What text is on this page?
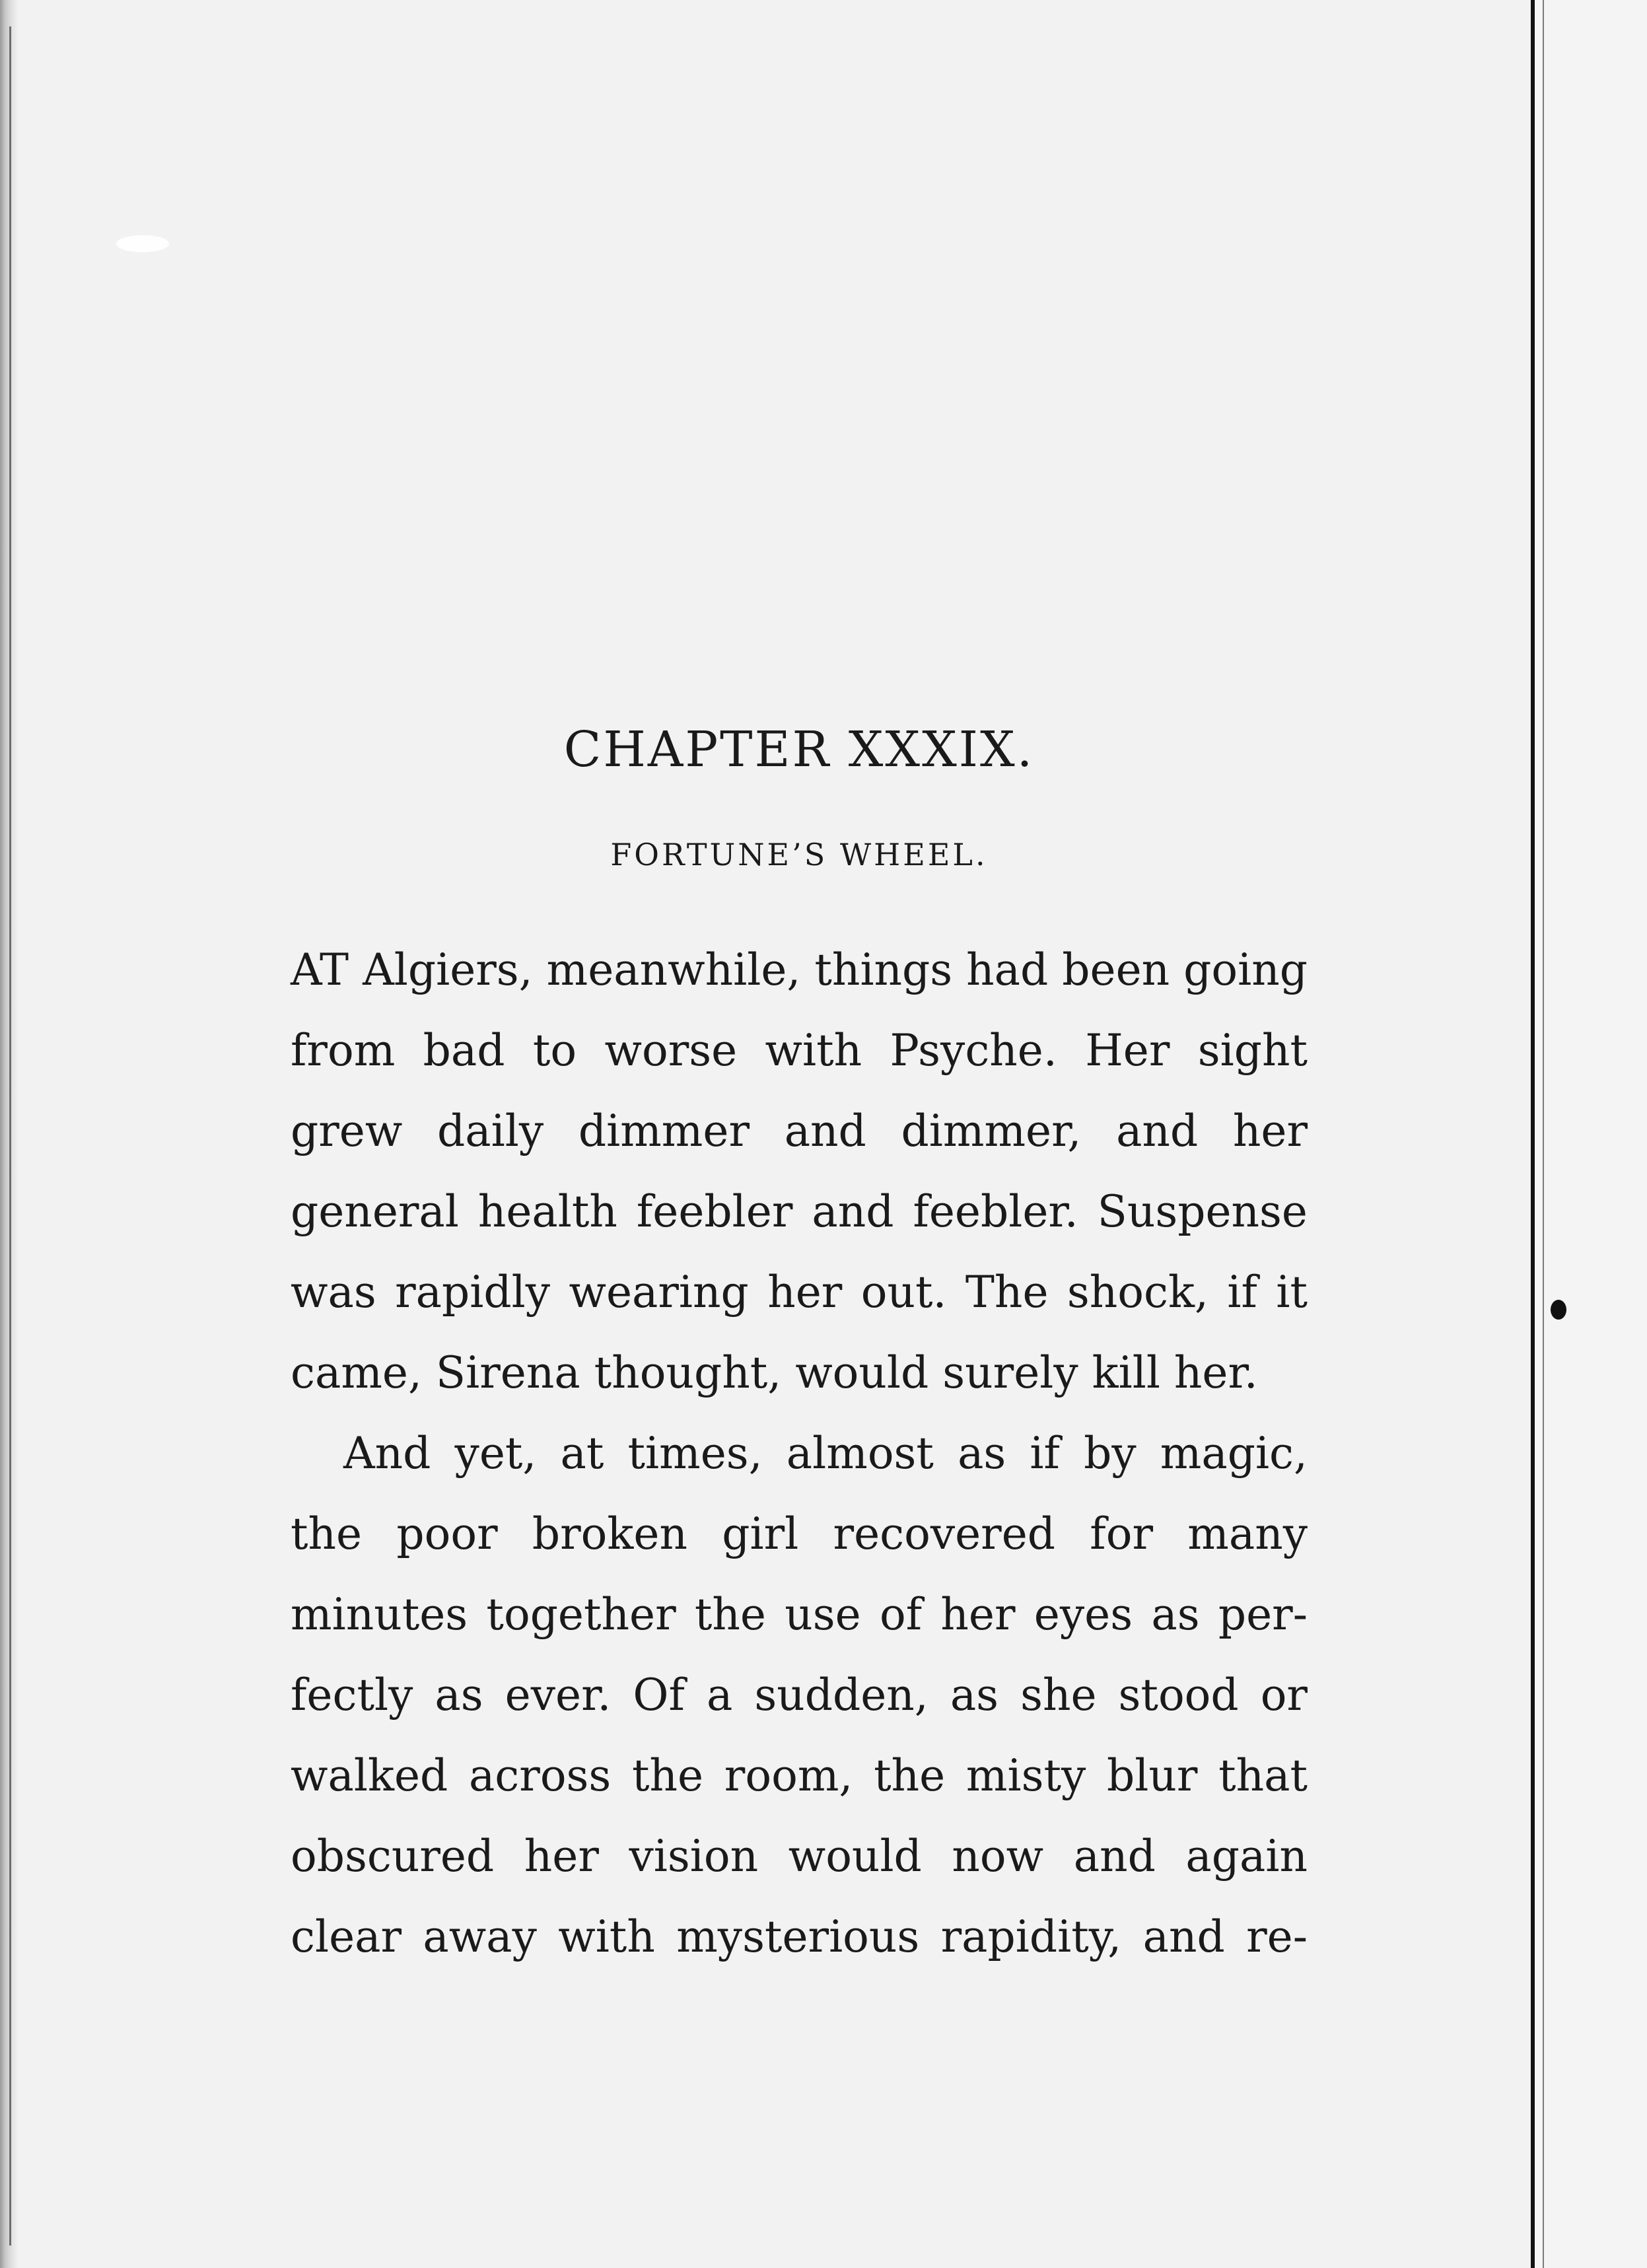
CHAPTER XXXIX.
FORTUNE’S WHEEL.

AT Algiers, meanwhile, things had been going
from bad to worse with Psyche. Her sight
grew daily dimmer and dimmer, and her
general health feebler and feebler. Suspense
was rapidly wearing her out. The shock, if it
came, Sirena thought, would surely kill her.

And yet, at times, almost as if by magic,
the poor broken girl recovered for many
minutes together the use of her eyes as per-
fectly as ever. Of a sudden, as she stood or
walked across the room, the misty blur that
obscured her vision would now and again
clear away with mysterious rapidity, and re-
